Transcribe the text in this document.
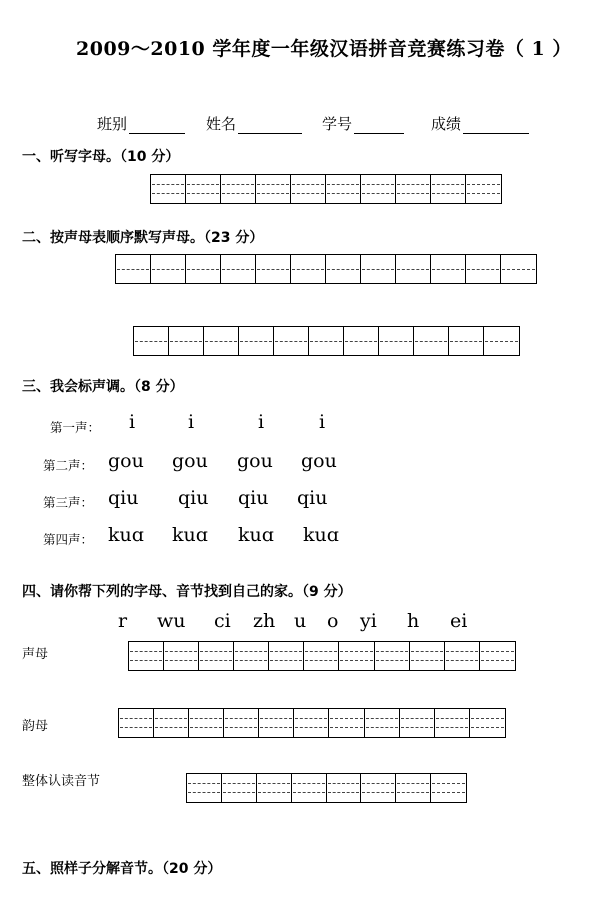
2009～2010 学年度一年级汉语拼音竞赛练习卷（ 1 ）
班别	姓名	学号	成绩
一、听写字母。（10 分）
二、按声母表顺序默写声母。（23 分）
三、我会标声调。（8 分）
第一声： i	i	i	i
第二声： gou gou gou gou
第三声： qiu qiu qiu qiu
第四声： kuɑ kuɑ kuɑ kuɑ
四、请你帮下列的字母、音节找到自己的家。（9 分）
r wu ci zh u o yi h ei
声母
韵母
整体认读音节
五、照样子分解音节。（20 分）
